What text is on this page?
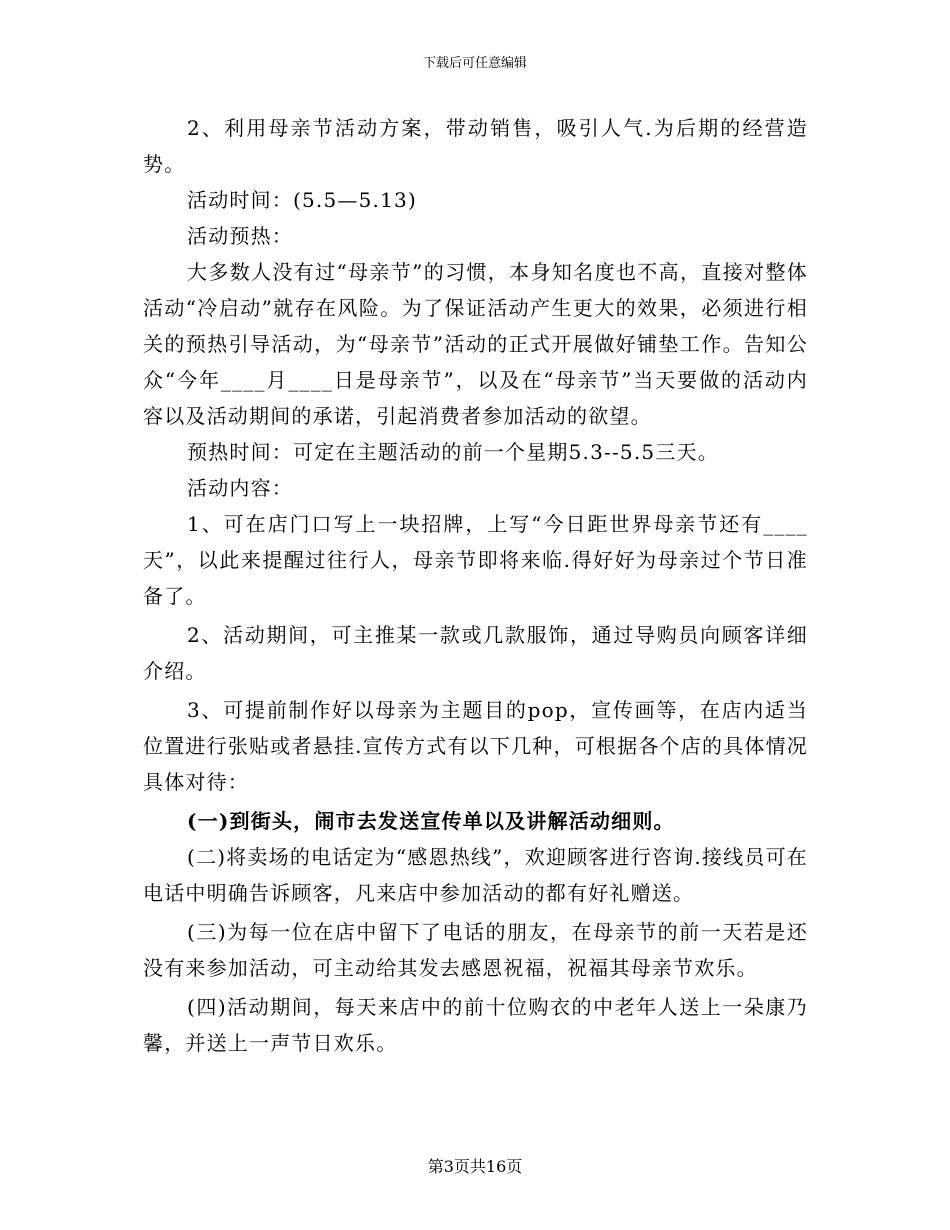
下载后可任意编辑
2、利用母亲节活动方案，带动销售，吸引人气.为后期的经营造势。
活动时间：(5.5—5.13)
活动预热：
大多数人没有过“母亲节”的习惯，本身知名度也不高，直接对整体活动“冷启动”就存在风险。为了保证活动产生更大的效果，必须进行相关的预热引导活动，为“母亲节”活动的正式开展做好铺垫工作。告知公众“今年____月____日是母亲节”，以及在“母亲节”当天要做的活动内容以及活动期间的承诺，引起消费者参加活动的欲望。
预热时间：可定在主题活动的前一个星期5.3--5.5三天。
活动内容：
1、可在店门口写上一块招牌，上写“今日距世界母亲节还有____天”，以此来提醒过往行人，母亲节即将来临.得好好为母亲过个节日准备了。
2、活动期间，可主推某一款或几款服饰，通过导购员向顾客详细介绍。
3、可提前制作好以母亲为主题目的pop，宣传画等，在店内适当位置进行张贴或者悬挂.宣传方式有以下几种，可根据各个店的具体情况具体对待：
(一)到街头，闹市去发送宣传单以及讲解活动细则。
(二)将卖场的电话定为“感恩热线”，欢迎顾客进行咨询.接线员可在电话中明确告诉顾客，凡来店中参加活动的都有好礼赠送。
(三)为每一位在店中留下了电话的朋友，在母亲节的前一天若是还没有来参加活动，可主动给其发去感恩祝福，祝福其母亲节欢乐。
(四)活动期间，每天来店中的前十位购衣的中老年人送上一朵康乃馨，并送上一声节日欢乐。
第3页共16页
